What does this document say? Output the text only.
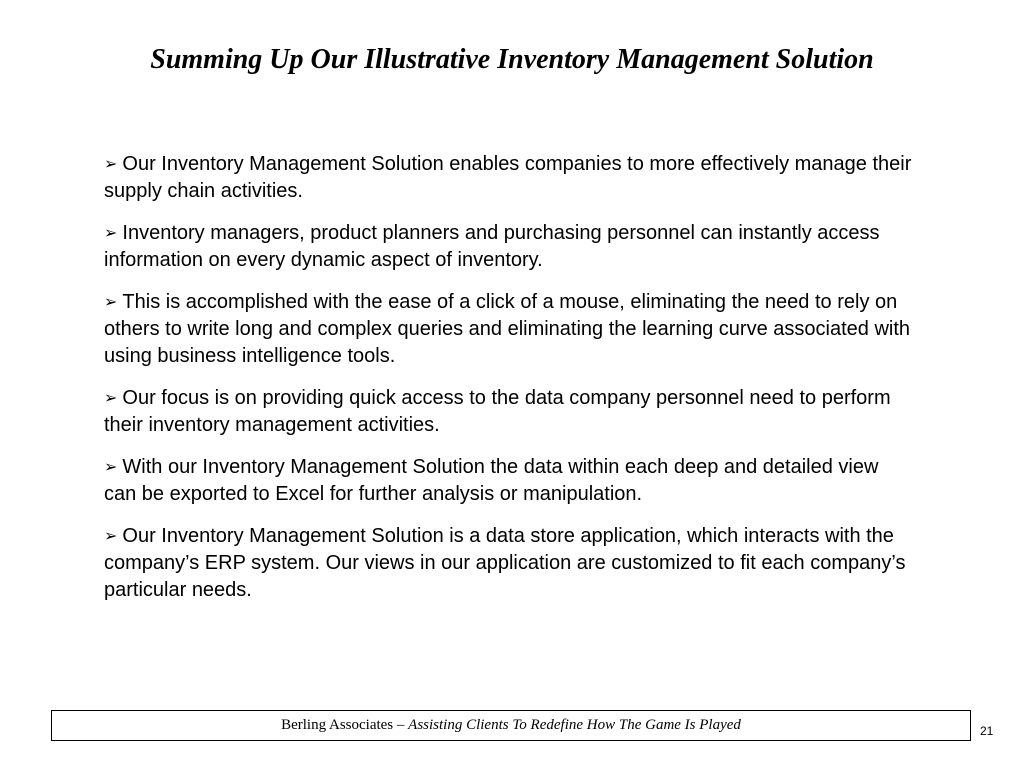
Summing Up Our Illustrative Inventory Management Solution
➢ Our Inventory Management Solution enables companies to more effectively manage their supply chain activities.
➢ Inventory managers, product planners and purchasing personnel can instantly access information on every dynamic aspect of inventory.
➢ This is accomplished with the ease of a click of a mouse, eliminating the need to rely on others to write long and complex queries and eliminating the learning curve associated with using business intelligence tools.
➢ Our focus is on providing quick access to the data company personnel need to perform their inventory management activities.
➢ With our Inventory Management Solution the data within each deep and detailed view can be exported to Excel for further analysis or manipulation.
➢ Our Inventory Management Solution is a data store application, which interacts with the company’s ERP system. Our views in our application are customized to fit each company’s particular needs.
Berling Associates – Assisting Clients To Redefine How The Game Is Played	21
